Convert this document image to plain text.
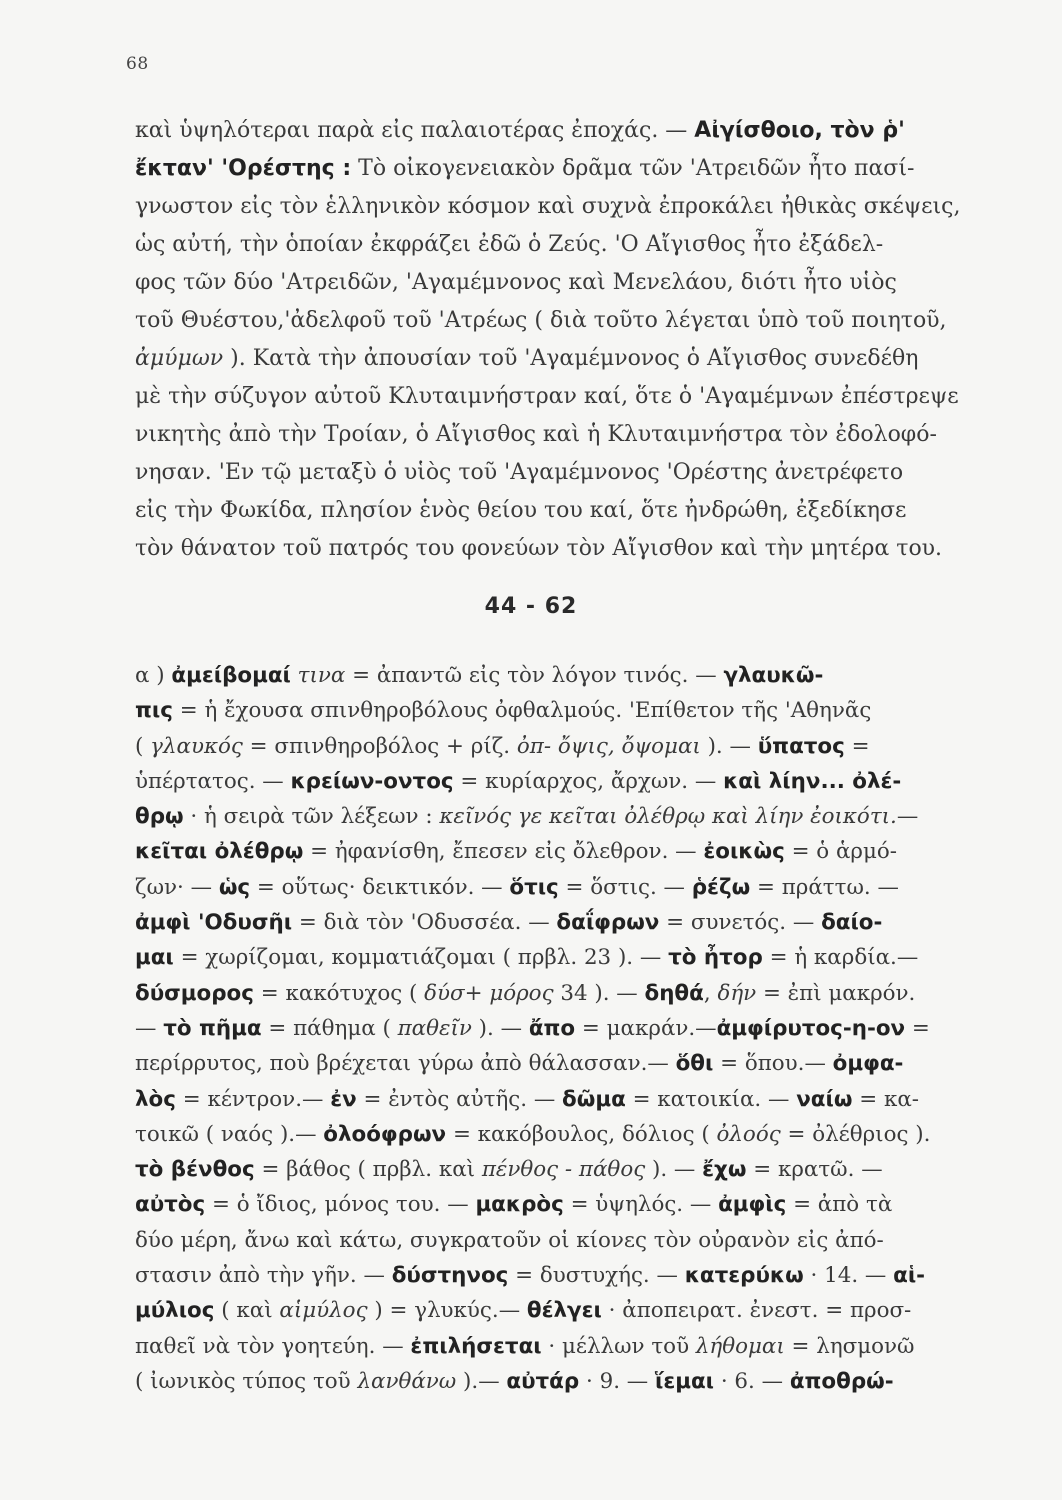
68
καὶ ὑψηλότεραι παρὰ εἰς παλαιοτέρας ἐποχάς. — Αἰγίσθοιο, τὸν ῥ'
ἔκταν' 'Ορέστης : Τὸ οἰκογενειακὸν δρᾶμα τῶν 'Ατρειδῶν ἦτο πασί-
γνωστον εἰς τὸν ἑλληνικὸν κόσμον καὶ συχνὰ ἐπροκάλει ἠθικὰς σκέψεις,
ὡς αὐτή, τὴν ὁποίαν ἐκφράζει ἐδῶ ὁ Ζεύς. 'Ο Αἴγισθος ἦτο ἐξάδελ-
φος τῶν δύο 'Ατρειδῶν, 'Αγαμέμνονος καὶ Μενελάου, διότι ἦτο υἱὸς
τοῦ Θυέστου,'ἀδελφοῦ τοῦ 'Ατρέως ( διὰ τοῦτο λέγεται ὑπὸ τοῦ ποιητοῦ,
ἀμύμων ). Κατὰ τὴν ἀπουσίαν τοῦ 'Αγαμέμνονος ὁ Αἴγισθος συνεδέθη
μὲ τὴν σύζυγον αὐτοῦ Κλυταιμνήστραν καί, ὅτε ὁ 'Αγαμέμνων ἐπέστρεψε
νικητὴς ἀπὸ τὴν Τροίαν, ὁ Αἴγισθος καὶ ἡ Κλυταιμνήστρα τὸν ἐδολοφό-
νησαν. 'Εν τῷ μεταξὺ ὁ υἱὸς τοῦ 'Αγαμέμνονος 'Ορέστης ἀνετρέφετο
εἰς τὴν Φωκίδα, πλησίον ἑνὸς θείου του καί, ὅτε ἠνδρώθη, ἐξεδίκησε
τὸν θάνατον τοῦ πατρός του φονεύων τὸν Αἴγισθον καὶ τὴν μητέρα του.
44 - 62
α ) ἀμείβομαί τινα = ἀπαντῶ εἰς τὸν λόγον τινός. — γλαυκῶ-
πις = ἡ ἔχουσα σπινθηροβόλους ὀφθαλμούς. 'Επίθετον τῆς 'Αθηνᾶς
( γλαυκός = σπινθηροβόλος + ρίζ. ὀπ- ὄψις, ὄψομαι ). — ὕπατος =
ὑπέρτατος. — κρείων-οντος = κυρίαρχος, ἄρχων. — καὶ λίην... ὀλέ-
θρῳ · ἡ σειρὰ τῶν λέξεων : κεῖνός γε κεῖται ὀλέθρῳ καὶ λίην ἐοικότι.—
κεῖται ὀλέθρῳ = ἠφανίσθη, ἔπεσεν εἰς ὄλεθρον. — ἐοικὼς = ὁ ἁρμό-
ζων· — ὡς = οὕτως· δεικτικόν. — ὅτις = ὅστις. — ῥέζω = πράττω. —
ἀμφὶ 'Οδυσῆι = διὰ τὸν 'Οδυσσέα. — δαΐφρων = συνετός. — δαίο-
μαι = χωρίζομαι, κομματιάζομαι ( πρβλ. 23 ). — τὸ ἦτορ = ἡ καρδία.—
δύσμορος = κακότυχος ( δύσ+ μόρος 34 ). — δηθά, δήν = ἐπὶ μακρόν.
— τὸ πῆμα = πάθημα ( παθεῖν ). — ἄπο = μακράν.—ἀμφίρυτος-η-ον =
περίρρυτος, ποὺ βρέχεται γύρω ἀπὸ θάλασσαν.— ὅθι = ὅπου.— ὀμφα-
λὸς = κέντρον.— ἐν = ἐντὸς αὐτῆς. — δῶμα = κατοικία. — ναίω = κα-
τοικῶ ( ναός ).— ὀλοόφρων = κακόβουλος, δόλιος ( ὀλοός = ὀλέθριος ).
τὸ βένθος = βάθος ( πρβλ. καὶ πένθος - πάθος ). — ἔχω = κρατῶ. —
αὐτὸς = ὁ ἴδιος, μόνος του. — μακρὸς = ὑψηλός. — ἀμφὶς = ἀπὸ τὰ
δύο μέρη, ἄνω καὶ κάτω, συγκρατοῦν οἱ κίονες τὸν οὐρανὸν εἰς ἀπό-
στασιν ἀπὸ τὴν γῆν. — δύστηνος = δυστυχής. — κατερύκω · 14. — αἱ-
μύλιος ( καὶ αἱμύλος ) = γλυκύς.— θέλγει · ἀποπειρατ. ἐνεστ. = προσ-
παθεῖ νὰ τὸν γοητεύη. — ἐπιλήσεται · μέλλων τοῦ λήθομαι = λησμονῶ
( ἰωνικὸς τύπος τοῦ λανθάνω ).— αὐτάρ · 9. — ἵεμαι · 6. — ἀποθρώ-
